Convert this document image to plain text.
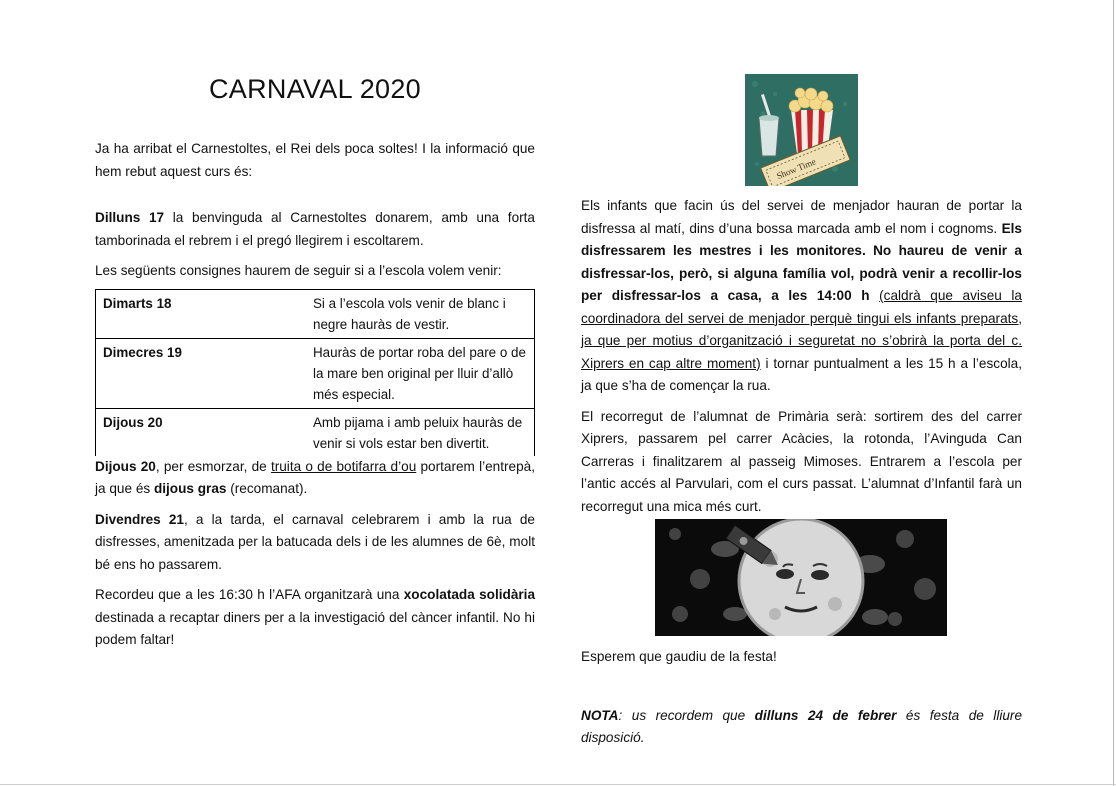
CARNAVAL 2020

Ja ha arribat el Carnestoltes, el Rei dels poca soltes! I la informació que hem rebut aquest curs és:

Dilluns 17 la benvinguda al Carnestoltes donarem, amb una forta tamborinada el rebrem i el pregó llegirem i escoltarem.

Les següents consignes haurem de seguir si a l’escola volem venir:

Dimarts 18	Si a l’escola vols venir de blanc i negre hauràs de vestir.
Dimecres 19	Hauràs de portar roba del pare o de la mare ben original per lluir d’allò més especial.
Dijous 20	Amb pijama i amb peluix hauràs de venir si vols estar ben divertit.

Dijous 20, per esmorzar, de truita o de botifarra d’ou portarem l’entrepà, ja que és dijous gras (recomanat).

Divendres 21, a la tarda, el carnaval celebrarem i amb la rua de disfresses, amenitzada per la batucada dels i de les alumnes de 6è, molt bé ens ho passarem.

Recordeu que a les 16:30 h l’AFA organitzarà una xocolatada solidària destinada a recaptar diners per a la investigació del càncer infantil. No hi podem faltar!

Show Time

Els infants que facin ús del servei de menjador hauran de portar la disfressa al matí, dins d’una bossa marcada amb el nom i cognoms. Els disfressarem les mestres i les monitores. No haureu de venir a disfressar-los, però, si alguna família vol, podrà venir a recollir-los per disfressar-los a casa, a les 14:00 h (caldrà que aviseu la coordinadora del servei de menjador perquè tingui els infants preparats, ja que per motius d’organització i seguretat no s’obrirà la porta del c. Xiprers en cap altre moment) i tornar puntualment a les 15 h a l’escola, ja que s’ha de començar la rua.

El recorregut de l’alumnat de Primària serà: sortirem des del carrer Xiprers, passarem pel carrer Acàcies, la rotonda, l’Avinguda Can Carreras i finalitzarem al passeig Mimoses. Entrarem a l’escola per l’antic accés al Parvulari, com el curs passat. L’alumnat d’Infantil farà un recorregut una mica més curt.

Esperem que gaudiu de la festa!

NOTA: us recordem que dilluns 24 de febrer és festa de lliure disposició.
